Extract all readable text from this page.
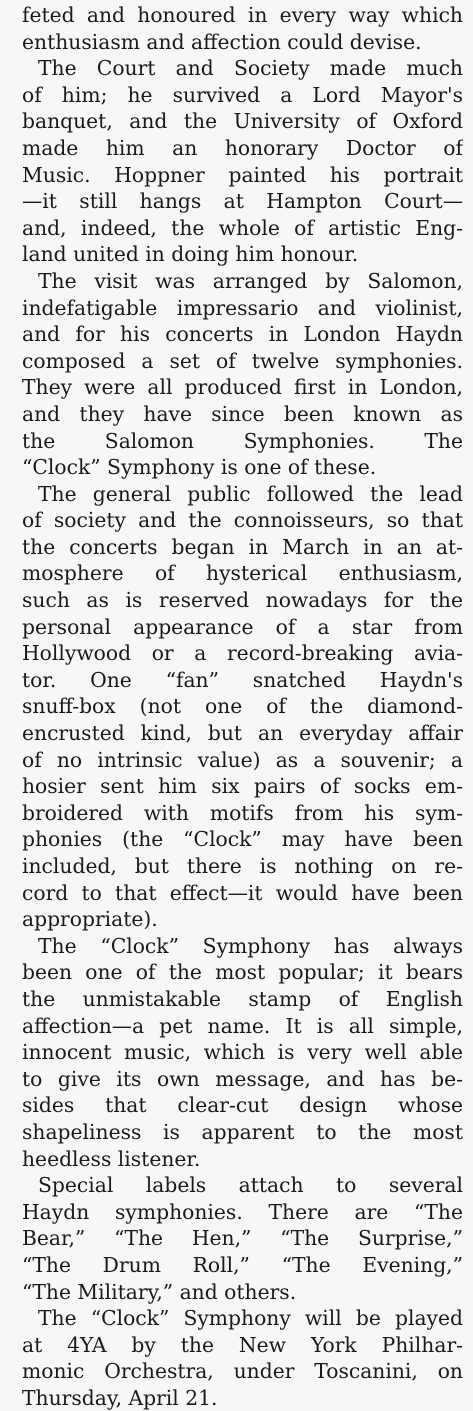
feted and honoured in every way which
enthusiasm and affection could devise.
The Court and Society made much
of him; he survived a Lord Mayor's
banquet, and the University of Oxford
made him an honorary Doctor of
Music. Hoppner painted his portrait
—it still hangs at Hampton Court—
and, indeed, the whole of artistic Eng-
land united in doing him honour.
The visit was arranged by Salomon,
indefatigable impressario and violinist,
and for his concerts in London Haydn
composed a set of twelve symphonies.
They were all produced first in London,
and they have since been known as
the Salomon Symphonies. The
“Clock” Symphony is one of these.
The general public followed the lead
of society and the connoisseurs, so that
the concerts began in March in an at-
mosphere of hysterical enthusiasm,
such as is reserved nowadays for the
personal appearance of a star from
Hollywood or a record-breaking avia-
tor. One “fan” snatched Haydn's
snuff-box (not one of the diamond-
encrusted kind, but an everyday affair
of no intrinsic value) as a souvenir; a
hosier sent him six pairs of socks em-
broidered with motifs from his sym-
phonies (the “Clock” may have been
included, but there is nothing on re-
cord to that effect—it would have been
appropriate).
The “Clock” Symphony has always
been one of the most popular; it bears
the unmistakable stamp of English
affection—a pet name. It is all simple,
innocent music, which is very well able
to give its own message, and has be-
sides that clear-cut design whose
shapeliness is apparent to the most
heedless listener.
Special labels attach to several
Haydn symphonies. There are “The
Bear,” “The Hen,” “The Surprise,”
“The Drum Roll,” “The Evening,”
“The Military,” and others.
The “Clock” Symphony will be played
at 4YA by the New York Philhar-
monic Orchestra, under Toscanini, on
Thursday, April 21.
